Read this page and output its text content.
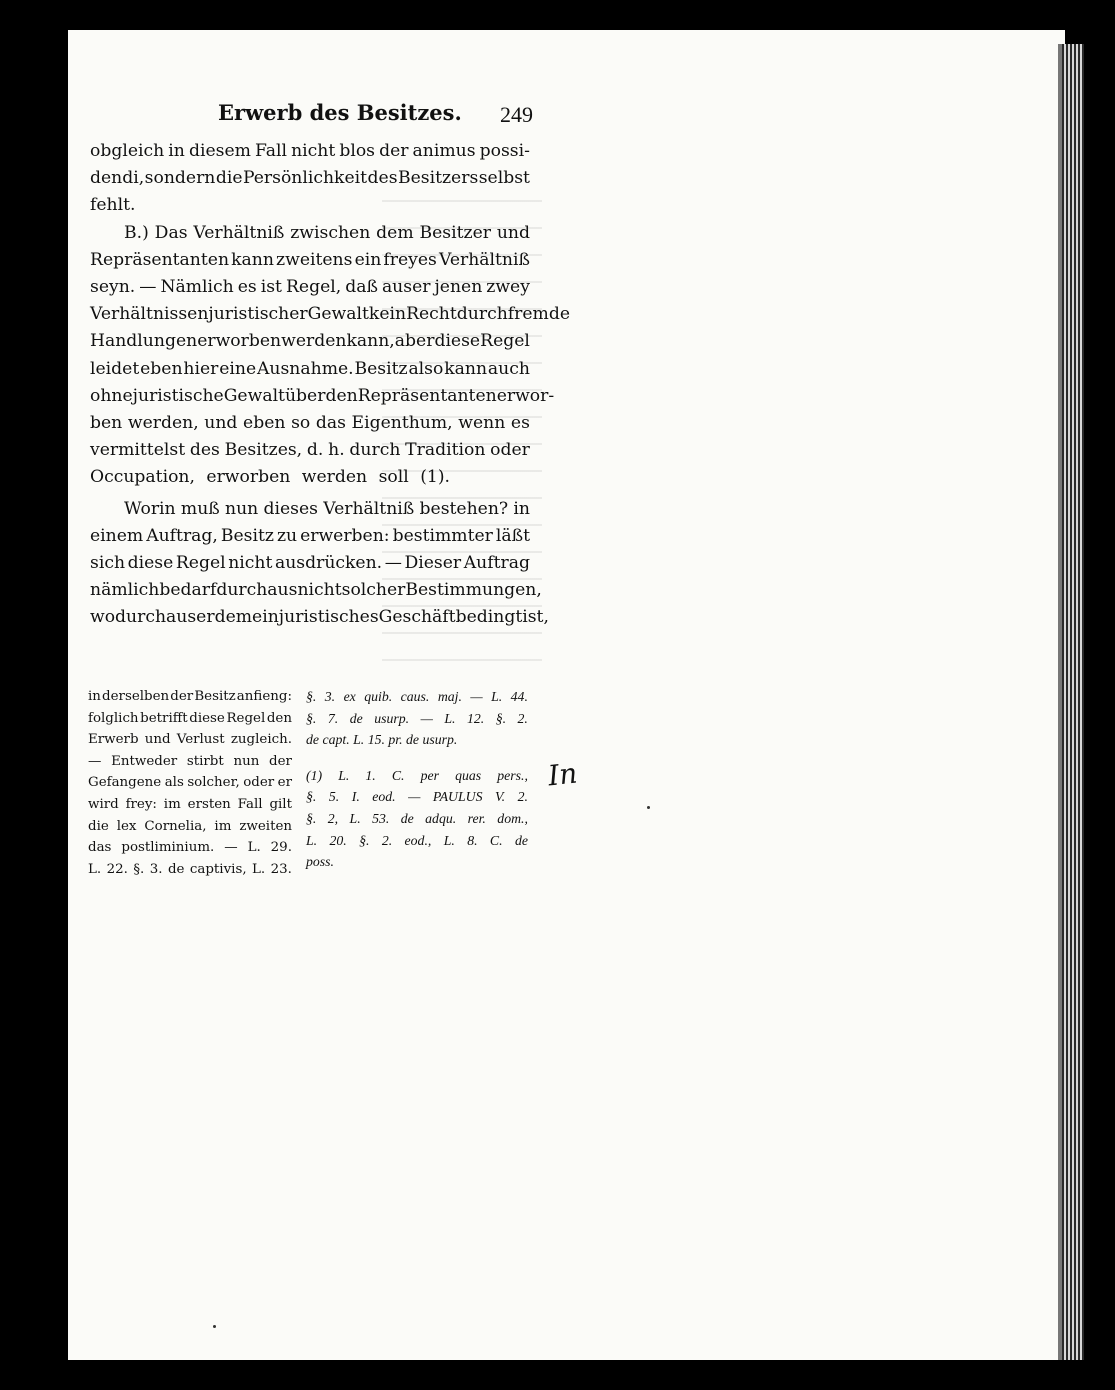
Erwerb des Besitzes. 249
obgleich in diesem Fall nicht blos der animus possi-
dendi, sondern die Persönlichkeit des Besitzers selbst
fehlt.
B.) Das Verhältniß zwischen dem Besitzer und
Repräsentanten kann zweitens ein freyes Verhältniß
seyn. — Nämlich es ist Regel, daß auser jenen zwey
Verhältnissen juristischer Gewalt kein Recht durch fremde
Handlungen erworben werden kann, aber diese Regel
leidet eben hier eine Ausnahme. Besitz also kann auch
ohne juristische Gewalt über den Repräsentanten erwor-
ben werden, und eben so das Eigenthum, wenn es
vermittelst des Besitzes, d. h. durch Tradition oder
Occupation, erworben werden soll (1).
Worin muß nun dieses Verhältniß bestehen? in
einem Auftrag, Besitz zu erwerben: bestimmter läßt
sich diese Regel nicht ausdrücken. — Dieser Auftrag
nämlich bedarf durchaus nicht solcher Bestimmungen,
wodurch auserdem ein juristisches Geschäft bedingt ist,
in derselben der Besitz anfieng:
folglich betrifft diese Regel den
Erwerb und Verlust zugleich.
— Entweder stirbt nun der
Gefangene als solcher, oder er
wird frey: im ersten Fall gilt
die lex Cornelia, im zweiten
das postliminium. — L. 29.
L. 22. §. 3. de captivis, L. 23.
§. 3. ex quib. caus. maj. — L. 44.
§. 7. de usurp. — L. 12. §. 2.
de capt. L. 15. pr. de usurp.
(1) L. 1. C. per quas pers.,
§. 5. I. eod. — PAULUS V. 2.
§. 2, L. 53. de adqu. rer. dom.,
L. 20. §. 2. eod., L. 8. C. de
poss.
In
